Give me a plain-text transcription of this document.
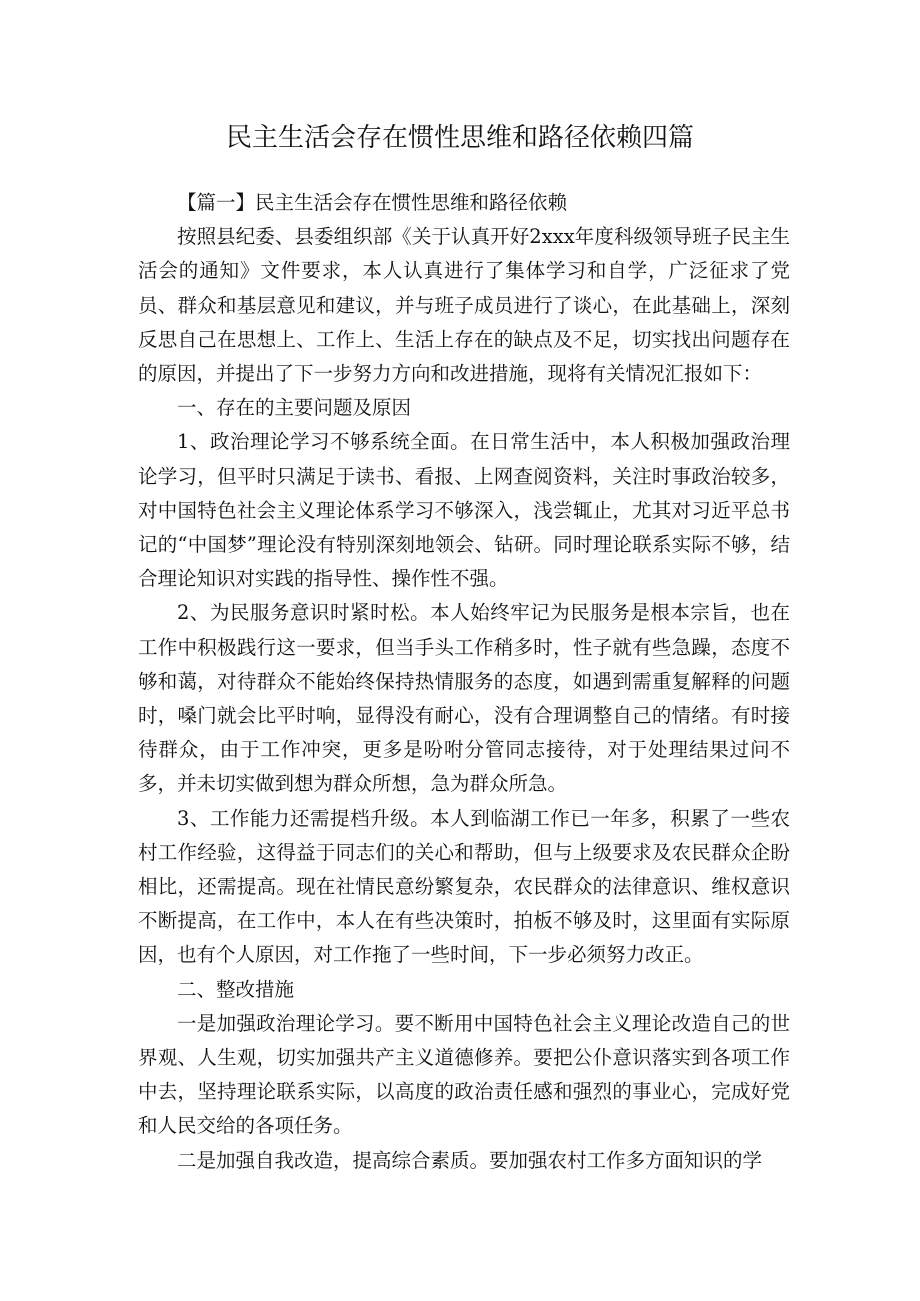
民主生活会存在惯性思维和路径依赖四篇

【篇一】民主生活会存在惯性思维和路径依赖

按照县纪委、县委组织部《关于认真开好2xxx年度科级领导班子民主生活会的通知》文件要求，本人认真进行了集体学习和自学，广泛征求了党员、群众和基层意见和建议，并与班子成员进行了谈心，在此基础上，深刻反思自己在思想上、工作上、生活上存在的缺点及不足，切实找出问题存在的原因，并提出了下一步努力方向和改进措施，现将有关情况汇报如下：

一、存在的主要问题及原因

1、政治理论学习不够系统全面。在日常生活中，本人积极加强政治理论学习，但平时只满足于读书、看报、上网查阅资料，关注时事政治较多，对中国特色社会主义理论体系学习不够深入，浅尝辄止，尤其对习近平总书记的“中国梦”理论没有特别深刻地领会、钻研。同时理论联系实际不够，结合理论知识对实践的指导性、操作性不强。

2、为民服务意识时紧时松。本人始终牢记为民服务是根本宗旨，也在工作中积极践行这一要求，但当手头工作稍多时，性子就有些急躁，态度不够和蔼，对待群众不能始终保持热情服务的态度，如遇到需重复解释的问题时，嗓门就会比平时响，显得没有耐心，没有合理调整自己的情绪。有时接待群众，由于工作冲突，更多是吩咐分管同志接待，对于处理结果过问不多，并未切实做到想为群众所想，急为群众所急。

3、工作能力还需提档升级。本人到临湖工作已一年多，积累了一些农村工作经验，这得益于同志们的关心和帮助，但与上级要求及农民群众企盼相比，还需提高。现在社情民意纷繁复杂，农民群众的法律意识、维权意识不断提高，在工作中，本人在有些决策时，拍板不够及时，这里面有实际原因，也有个人原因，对工作拖了一些时间，下一步必须努力改正。

二、整改措施

一是加强政治理论学习。要不断用中国特色社会主义理论改造自己的世界观、人生观，切实加强共产主义道德修养。要把公仆意识落实到各项工作中去，坚持理论联系实际，以高度的政治责任感和强烈的事业心，完成好党和人民交给的各项任务。

二是加强自我改造，提高综合素质。要加强农村工作多方面知识的学
